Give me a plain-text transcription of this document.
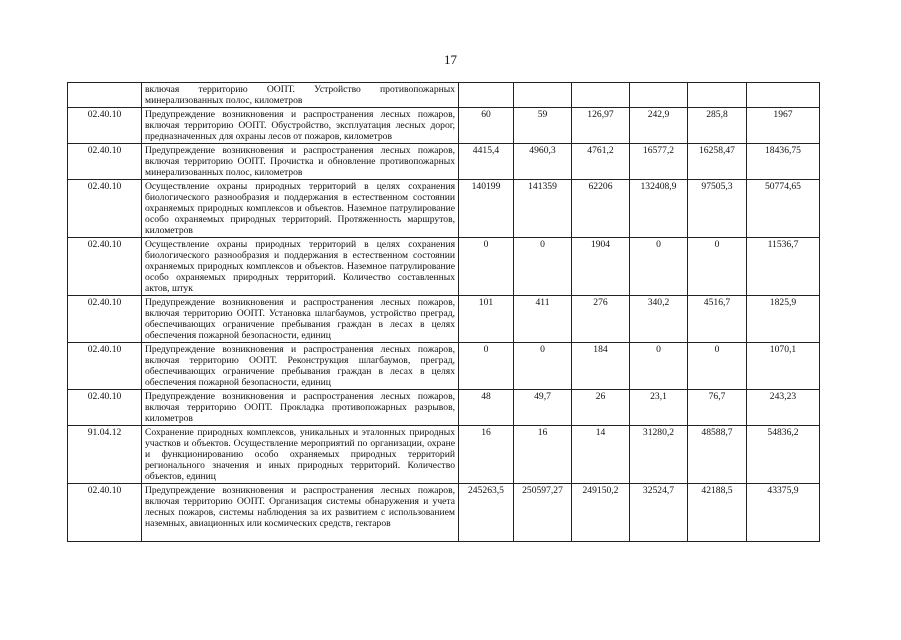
17
	включая территорию ООПТ. Устройство противопожарных минерализованных полос, километров						
02.40.10	Предупреждение возникновения и распространения лесных пожаров, включая территорию ООПТ. Обустройство, эксплуатация лесных дорог, предназначенных для охраны лесов от пожаров, километров	60	59	126,97	242,9	285,8	1967
02.40.10	Предупреждение возникновения и распространения лесных пожаров, включая территорию ООПТ. Прочистка и обновление противопожарных минерализованных полос, километров	4415,4	4960,3	4761,2	16577,2	16258,47	18436,75
02.40.10	Осуществление охраны природных территорий в целях сохранения биологического разнообразия и поддержания в естественном состоянии охраняемых природных комплексов и объектов. Наземное патрулирование особо охраняемых природных территорий. Протяженность маршрутов, километров	140199	141359	62206	132408,9	97505,3	50774,65
02.40.10	Осуществление охраны природных территорий в целях сохранения биологического разнообразия и поддержания в естественном состоянии охраняемых природных комплексов и объектов. Наземное патрулирование особо охраняемых природных территорий. Количество составленных актов, штук	0	0	1904	0	0	11536,7
02.40.10	Предупреждение возникновения и распространения лесных пожаров, включая территорию ООПТ. Установка шлагбаумов, устройство преград, обеспечивающих ограничение пребывания граждан в лесах в целях обеспечения пожарной безопасности, единиц	101	411	276	340,2	4516,7	1825,9
02.40.10	Предупреждение возникновения и распространения лесных пожаров, включая территорию ООПТ. Реконструкция шлагбаумов, преград, обеспечивающих ограничение пребывания граждан в лесах в целях обеспечения пожарной безопасности, единиц	0	0	184	0	0	1070,1
02.40.10	Предупреждение возникновения и распространения лесных пожаров, включая территорию ООПТ. Прокладка противопожарных разрывов, километров	48	49,7	26	23,1	76,7	243,23
91.04.12	Сохранение природных комплексов, уникальных и эталонных природных участков и объектов. Осуществление мероприятий по организации, охране и функционированию особо охраняемых природных территорий регионального значения и иных природных территорий. Количество объектов, единиц	16	16	14	31280,2	48588,7	54836,2
02.40.10	Предупреждение возникновения и распространения лесных пожаров, включая территорию ООПТ. Организация системы обнаружения и учета лесных пожаров, системы наблюдения за их развитием с использованием наземных, авиационных или космических средств, гектаров	245263,5	250597,27	249150,2	32524,7	42188,5	43375,9
